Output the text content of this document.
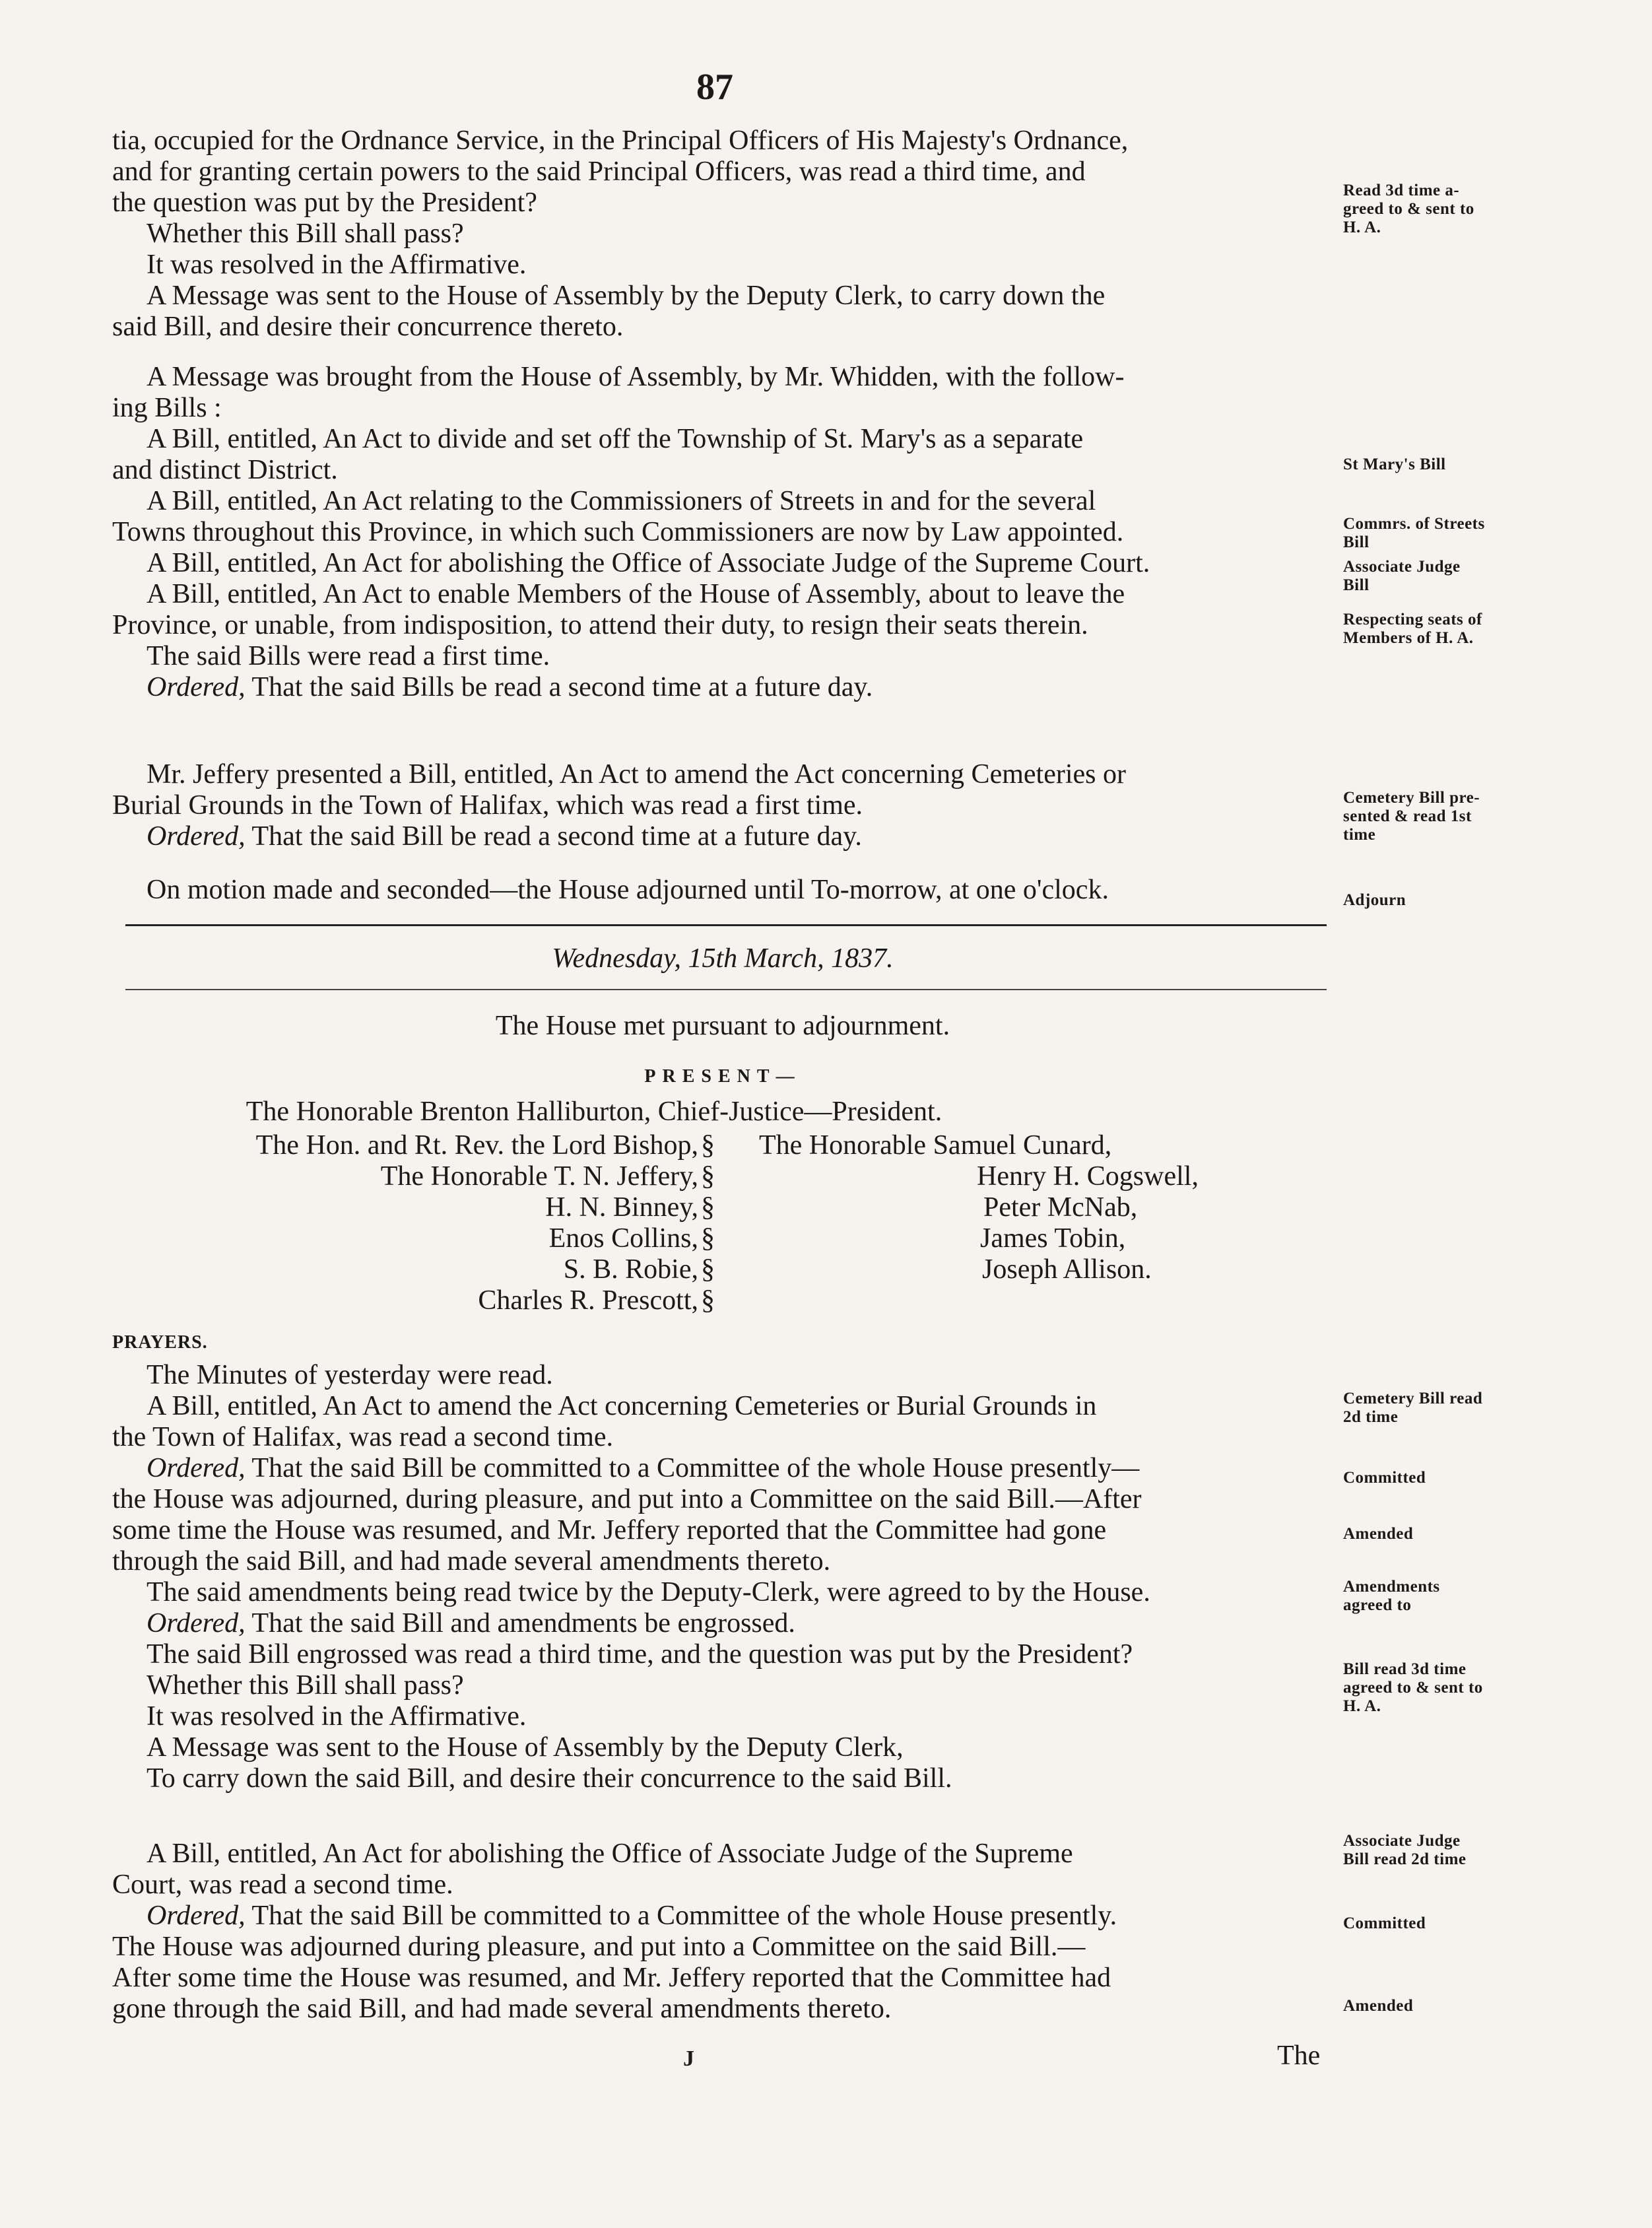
87

tia, occupied for the Ordnance Service, in the Principal Officers of His Majesty's Ordnance,

and for granting certain powers to the said Principal Officers, was read a third time, and

the question was put by the President?

Whether this Bill shall pass?

It was resolved in the Affirmative.

A Message was sent to the House of Assembly by the Deputy Clerk, to carry down the

said Bill, and desire their concurrence thereto.

A Message was brought from the House of Assembly, by Mr. Whidden, with the follow-

ing Bills :

A Bill, entitled, An Act to divide and set off the Township of St. Mary's as a separate

and distinct District.

A Bill, entitled, An Act relating to the Commissioners of Streets in and for the several

Towns throughout this Province, in which such Commissioners are now by Law appointed.

A Bill, entitled, An Act for abolishing the Office of Associate Judge of the Supreme Court.

A Bill, entitled, An Act to enable Members of the House of Assembly, about to leave the

Province, or unable, from indisposition, to attend their duty, to resign their seats therein.

The said Bills were read a first time.

Ordered, That the said Bills be read a second time at a future day.

Mr. Jeffery presented a Bill, entitled, An Act to amend the Act concerning Cemeteries or

Burial Grounds in the Town of Halifax, which was read a first time.

Ordered, That the said Bill be read a second time at a future day.

On motion made and seconded—the House adjourned until To-morrow, at one o'clock.

Wednesday, 15th March, 1837.
The House met pursuant to adjournment.
PRESENT—
The Honorable Brenton Halliburton, Chief-Justice—President.
The Hon. and Rt. Rev. the Lord Bishop,
The Honorable T. N. Jeffery,
H. N. Binney,
Enos Collins,
S. B. Robie,
Charles R. Prescott,
§
§
§
§
§
§
The Honorable Samuel Cunard,
Henry H. Cogswell,
Peter McNab,
James Tobin,
Joseph Allison.
PRAYERS.

The Minutes of yesterday were read.

A Bill, entitled, An Act to amend the Act concerning Cemeteries or Burial Grounds in

the Town of Halifax, was read a second time.

Ordered, That the said Bill be committed to a Committee of the whole House presently—

the House was adjourned, during pleasure, and put into a Committee on the said Bill.—After

some time the House was resumed, and Mr. Jeffery reported that the Committee had gone

through the said Bill, and had made several amendments thereto.

The said amendments being read twice by the Deputy-Clerk, were agreed to by the House.

Ordered, That the said Bill and amendments be engrossed.

The said Bill engrossed was read a third time, and the question was put by the President?

Whether this Bill shall pass?

It was resolved in the Affirmative.

A Message was sent to the House of Assembly by the Deputy Clerk,

To carry down the said Bill, and desire their concurrence to the said Bill.

A Bill, entitled, An Act for abolishing the Office of Associate Judge of the Supreme

Court, was read a second time.

Ordered, That the said Bill be committed to a Committee of the whole House presently.

The House was adjourned during pleasure, and put into a Committee on the said Bill.—

After some time the House was resumed, and Mr. Jeffery reported that the Committee had

gone through the said Bill, and had made several amendments thereto.

J	The
Read 3d time a-
greed to & sent to
H. A.
St Mary's Bill
Commrs. of Streets
Bill
Associate Judge
Bill
Respecting seats of
Members of H. A.
Cemetery Bill pre-
sented & read 1st
time
Adjourn
Cemetery Bill read
2d time
Committed
Amended
Amendments
agreed to
Bill read 3d time
agreed to & sent to
H. A.
Associate Judge
Bill read 2d time
Committed
Amended
